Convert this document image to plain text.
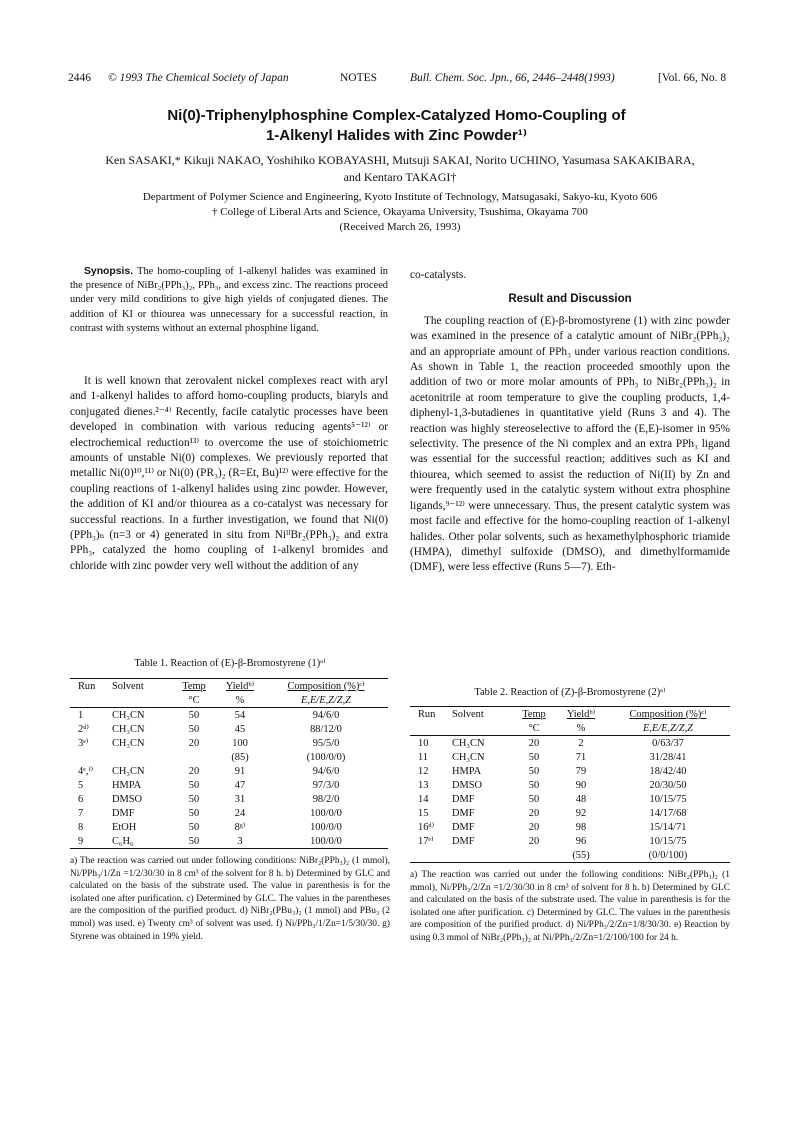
2446 © 1993 The Chemical Society of Japan	NOTES	Bull. Chem. Soc. Jpn., 66, 2446–2448(1993)	[Vol. 66, No. 8
Ni(0)-Triphenylphosphine Complex-Catalyzed Homo-Coupling of
1-Alkenyl Halides with Zinc Powder¹⁾
Ken SASAKI,* Kikuji NAKAO, Yoshihiko KOBAYASHI, Mutsuji SAKAI, Norito UCHINO, Yasumasa SAKAKIBARA,
and Kentaro TAKAGI†
Department of Polymer Science and Engineering, Kyoto Institute of Technology, Matsugasaki, Sakyo-ku, Kyoto 606
† College of Liberal Arts and Science, Okayama University, Tsushima, Okayama 700
(Received March 26, 1993)
Synopsis. The homo-coupling of 1-alkenyl halides was examined in the presence of NiBr₂(PPh₃)₂, PPh₃, and excess zinc. The reactions proceed under very mild conditions to give high yields of conjugated dienes. The addition of KI or thiourea was unnecessary for a successful reaction, in contrast with systems without an external phosphine ligand.

It is well known that zerovalent nickel complexes react with aryl and 1-alkenyl halides to afford homo-coupling products, biaryls and conjugated dienes.²⁻⁴⁾ Recently, facile catalytic processes have been developed in combination with various reducing agents⁵⁻¹²⁾ or electrochemical reduction¹³⁾ to overcome the use of stoichiometric amounts of unstable Ni(0) complexes. We previously reported that metallic Ni(0)¹⁰,¹¹⁾ or Ni(0) (PR₃)₂ (R=Et, Bu)¹²⁾ were effective for the coupling reactions of 1-alkenyl halides using zinc powder. However, the addition of KI and/or thiourea as a co-catalyst was necessary for successful reactions. In a further investigation, we found that Ni(0) (PPh₃)ₙ (n=3 or 4) generated in situ from NiᴵᴵBr₂(PPh₃)₂ and extra PPh₃, catalyzed the homo coupling of 1-alkenyl bromides and chloride with zinc powder very well without the addition of any

co-catalysts.
Result and Discussion

The coupling reaction of (E)-β-bromostyrene (1) with zinc powder was examined in the presence of a catalytic amount of NiBr₂(PPh₃)₂ and an appropriate amount of PPh₃ under various reaction conditions. As shown in Table 1, the reaction proceeded smoothly upon the addition of two or more molar amounts of PPh₃ to NiBr₂(PPh₃)₂ in acetonitrile at room temperature to give the coupling products, 1,4-diphenyl-1,3-butadienes in quantitative yield (Runs 3 and 4). The reaction was highly stereoselective to afford the (E,E)-isomer in 95% selectivity. The presence of the Ni complex and an extra PPh₃ ligand was essential for the successful reaction; additives such as KI and thiourea, which seemed to assist the reduction of Ni(II) by Zn and were frequently used in the catalytic system without extra phosphine ligands,⁹⁻¹²⁾ were unnecessary. Thus, the present catalytic system was most facile and effective for the homo-coupling reaction of 1-alkenyl halides. Other polar solvents, such as hexamethylphosphoric triamide (HMPA), dimethyl sulfoxide (DMSO), and dimethylformamide (DMF), were less effective (Runs 5—7). Eth-

Table 1. Reaction of (E)-β-Bromostyrene (1)ᵃ⁾
Run	Solvent	Temp	Yieldᵇ⁾	Composition (%)ᶜ⁾
		°C	%	E,E/E,Z/Z,Z
1	CH₃CN	50	54	94/6/0
2ᵈ⁾	CH₃CN	50	45	88/12/0
3ᵉ⁾	CH₃CN	20	100	95/5/0
			(85)	(100/0/0)
4ᵉ,ᶠ⁾	CH₃CN	20	91	94/6/0
5	HMPA	50	47	97/3/0
6	DMSO	50	31	98/2/0
7	DMF	50	24	100/0/0
8	EtOH	50	8ᵍ⁾	100/0/0
9	C₆H₆	50	3	100/0/0
a) The reaction was carried out under following conditions: NiBr₂(PPh₃)₂ (1 mmol), Ni/PPh₃/1/Zn =1/2/30/30 in 8 cm³ of the solvent for 8 h. b) Determined by GLC and calculated on the basis of the substrate used. The value in parenthesis is for the isolated one after purification. c) Determined by GLC. The values in the parentheses are the composition of the purified product. d) NiBr₂(PBu₃)₂ (1 mmol) and PBu₃ (2 mmol) was used. e) Twenty cm³ of solvent was used. f) Ni/PPh₃/1/Zn=1/5/30/30. g) Styrene was obtained in 19% yield.
Table 2. Reaction of (Z)-β-Bromostyrene (2)ᵃ⁾
Run	Solvent	Temp	Yieldᵇ⁾	Composition (%)ᶜ⁾
		°C	%	E,E/E,Z/Z,Z
10	CH₃CN	20	2	0/63/37
11	CH₃CN	50	71	31/28/41
12	HMPA	50	79	18/42/40
13	DMSO	50	90	20/30/50
14	DMF	50	48	10/15/75
15	DMF	20	92	14/17/68
16ᵈ⁾	DMF	20	98	15/14/71
17ᵉ⁾	DMF	20	96	10/15/75
			(55)	(0/0/100)
a) The reaction was carried out under the following conditions: NiBr₂(PPh₃)₂ (1 mmol), Ni/PPh₃/2/Zn =1/2/30/30 in 8 cm³ of solvent for 8 h. b) Determined by GLC and calculated on the basis of the substrate used. The value in parenthesis is for the isolated one after purification. c) Determined by GLC. The values in the parenthesis are composition of the purified product. d) Ni/PPh₃/2/Zn=1/8/30/30. e) Reaction by using 0.3 mmol of NiBr₂(PPh₃)₂ at Ni/PPh₃/2/Zn=1/2/100/100 for 24 h.
